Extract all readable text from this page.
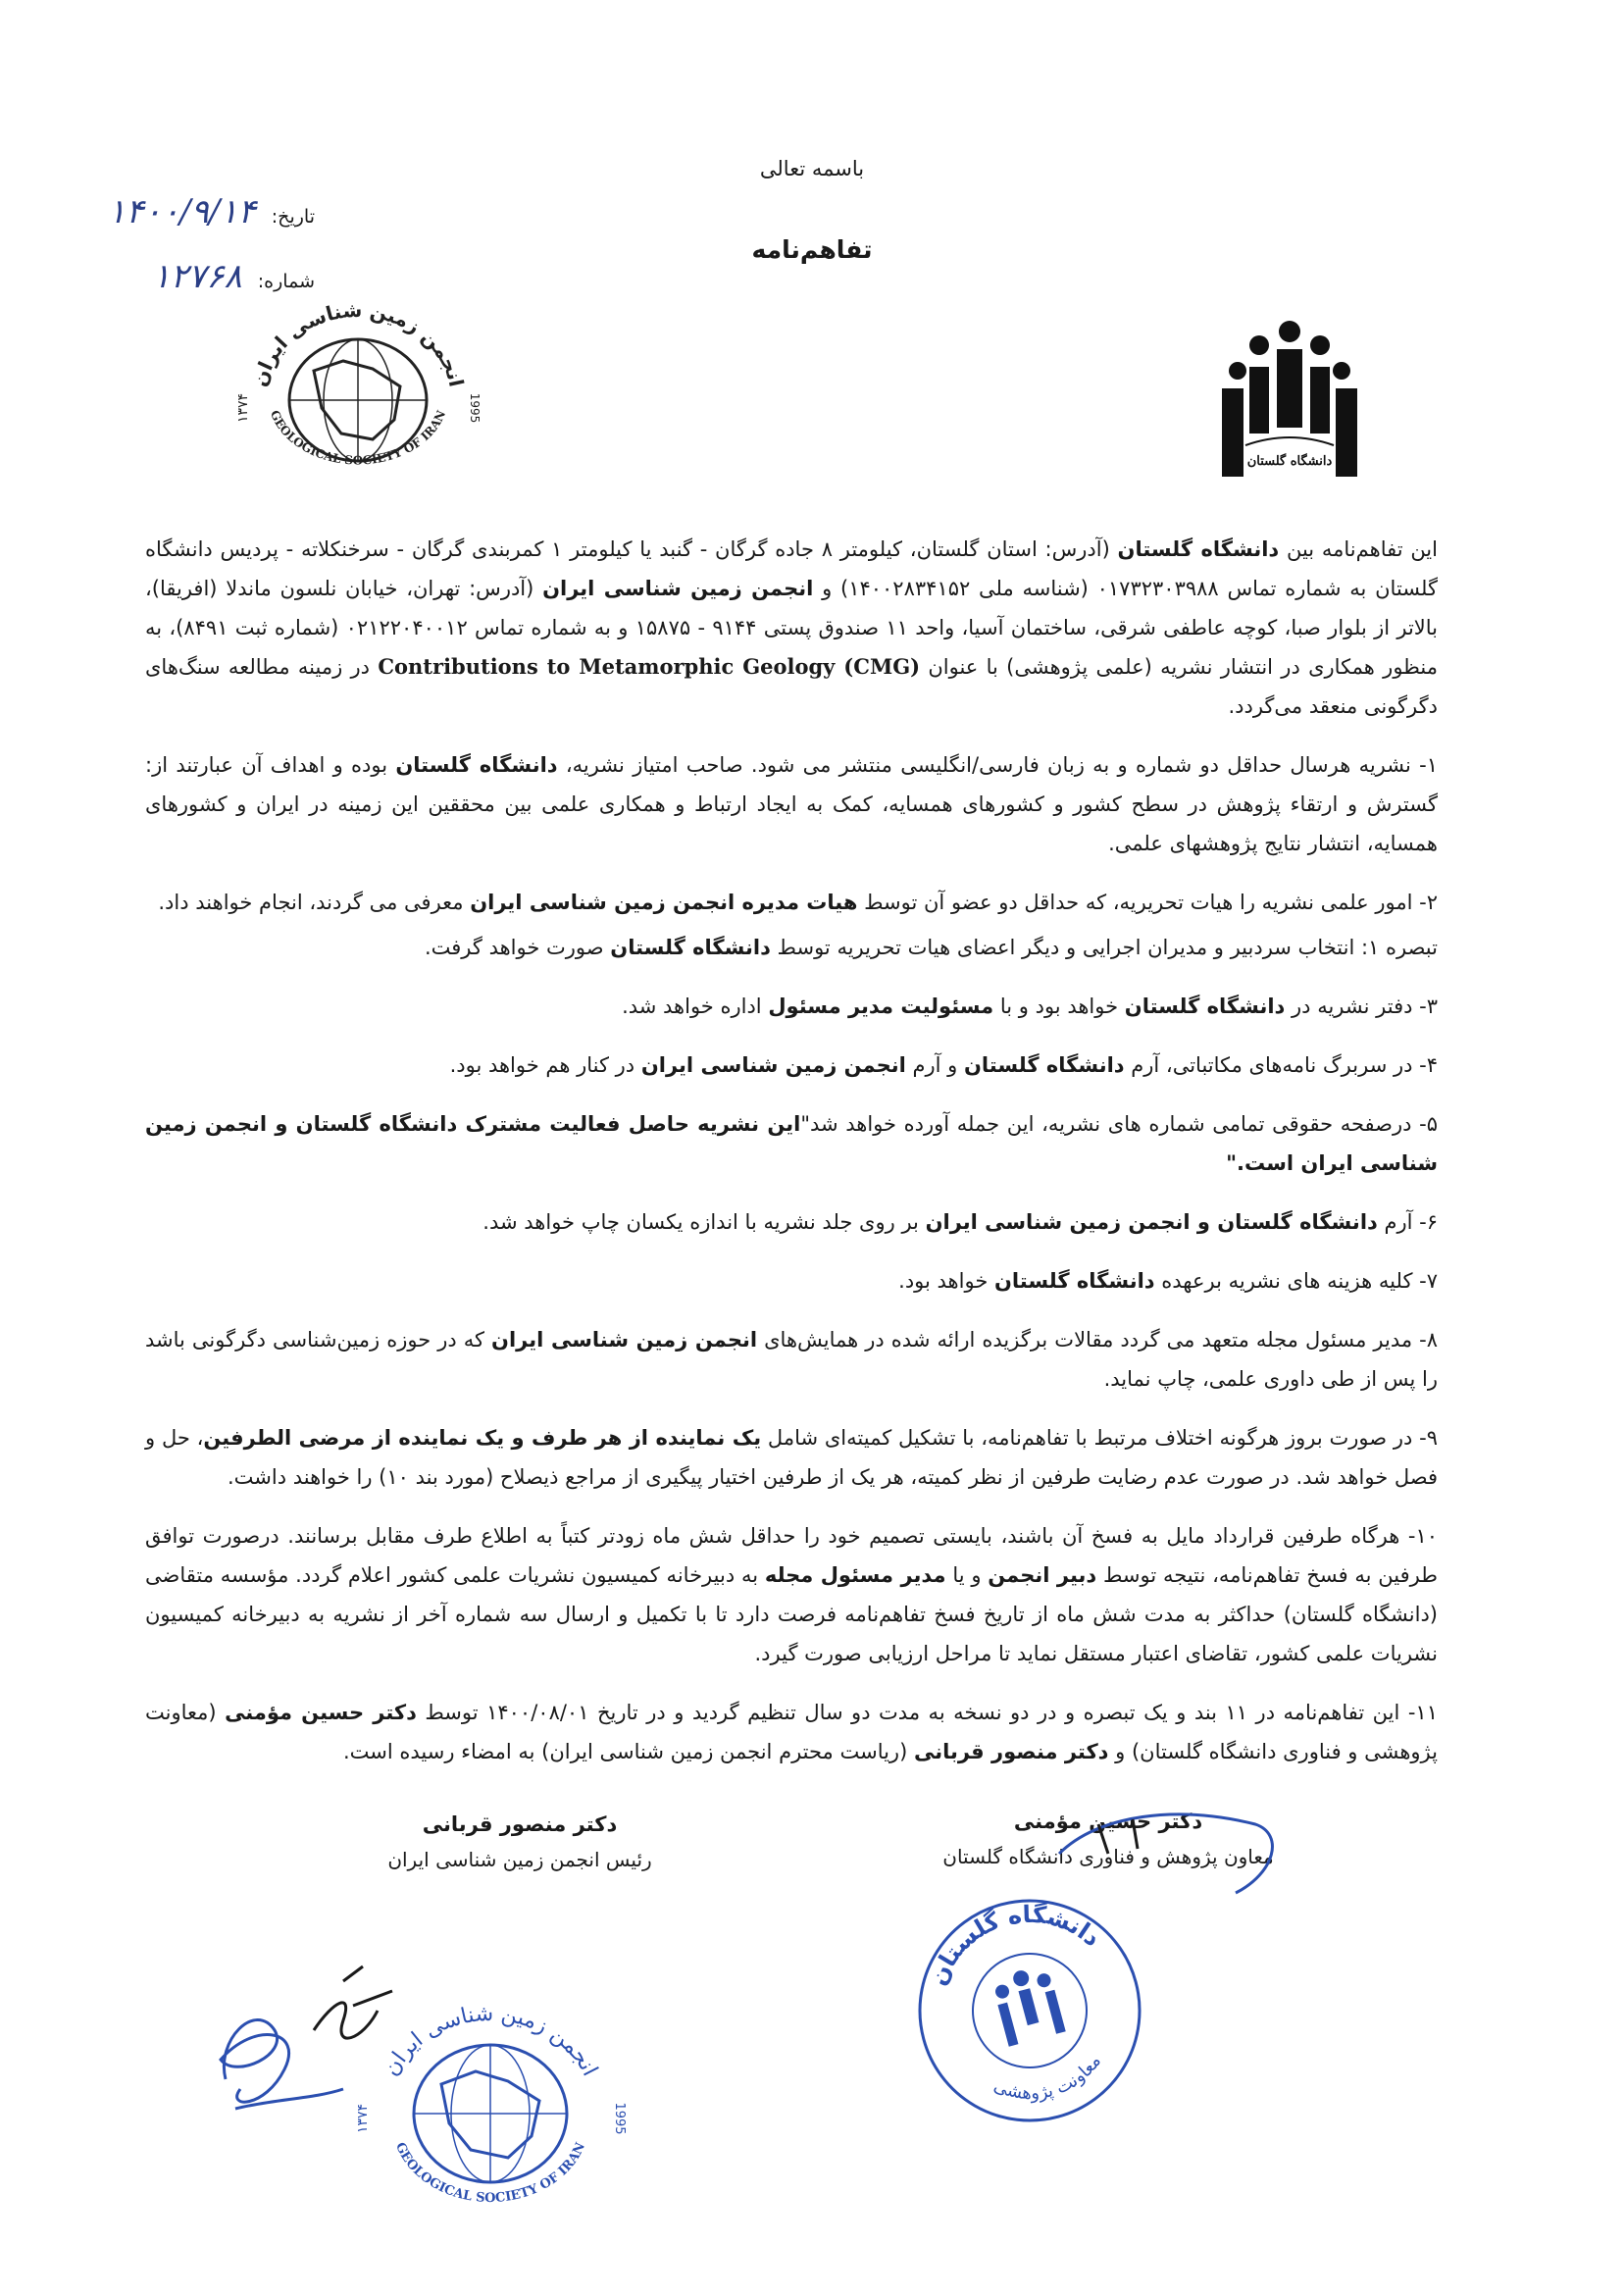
باسمه تعالی
تفاهم‌نامه
تاریخ: ۱۴۰۰/۹/۱۴
شماره: ۱۲۷۶۸
انجمن زمین شناسی ایران
GEOLOGICAL SOCIETY OF IRAN
۱۳۷۴	1995
دانشگاه گلستان

این تفاهم‌نامه بین دانشگاه گلستان (آدرس: استان گلستان، کیلومتر ۸ جاده گرگان - گنبد یا کیلومتر ۱ کمربندی گرگان - سرخنکلاته - پردیس دانشگاه گلستان به شماره تماس ۰۱۷۳۲۳۰۳۹۸۸ (شناسه ملی ۱۴۰۰۲۸۳۴۱۵۲) و انجمن زمین شناسی ایران (آدرس: تهران، خیابان نلسون ماندلا (افریقا)، بالاتر از بلوار صبا، کوچه عاطفی شرقی، ساختمان آسیا، واحد ۱۱ صندوق پستی ۹۱۴۴ - ۱۵۸۷۵ و به شماره تماس ۰۲۱۲۲۰۴۰۰۱۲ (شماره ثبت ۸۴۹۱)، به منظور همکاری در انتشار نشریه (علمی پژوهشی) با عنوان Contributions to Metamorphic Geology (CMG) در زمینه مطالعه سنگ‌های دگرگونی منعقد می‌گردد.

۱- نشریه هرسال حداقل دو شماره و به زبان فارسی/انگلیسی منتشر می شود. صاحب امتیاز نشریه، دانشگاه گلستان بوده و اهداف آن عبارتند از: گسترش و ارتقاء پژوهش در سطح کشور و کشورهای همسایه، کمک به ایجاد ارتباط و همکاری علمی بین محققین این زمینه در ایران و کشورهای همسایه، انتشار نتایج پژوهشهای علمی.

۲- امور علمی نشریه را هیات تحریریه، که حداقل دو عضو آن توسط هیات مدیره انجمن زمین شناسی ایران معرفی می گردند، انجام خواهند داد.

تبصره ۱: انتخاب سردبیر و مدیران اجرایی و دیگر اعضای هیات تحریریه توسط دانشگاه گلستان صورت خواهد گرفت.

۳- دفتر نشریه در دانشگاه گلستان خواهد بود و با مسئولیت مدیر مسئول اداره خواهد شد.

۴- در سربرگ نامه‌های مکاتباتی، آرم دانشگاه گلستان و آرم انجمن زمین شناسی ایران در کنار هم خواهد بود.

۵- درصفحه حقوقی تمامی شماره های نشریه، این جمله آورده خواهد شد"این نشریه حاصل فعالیت مشترک دانشگاه گلستان و انجمن زمین شناسی ایران است."

۶- آرم دانشگاه گلستان و انجمن زمین شناسی ایران بر روی جلد نشریه با اندازه یکسان چاپ خواهد شد.

۷- کلیه هزینه های نشریه برعهده دانشگاه گلستان خواهد بود.

۸- مدیر مسئول مجله متعهد می گردد مقالات برگزیده ارائه شده در همایش‌های انجمن زمین شناسی ایران که در حوزه زمین‌شناسی دگرگونی باشد را پس از طی داوری علمی، چاپ نماید.

۹- در صورت بروز هرگونه اختلاف مرتبط با تفاهم‌نامه، با تشکیل کمیته‌ای شامل یک نماینده از هر طرف و یک نماینده از مرضی الطرفین، حل و فصل خواهد شد. در صورت عدم رضایت طرفین از نظر کمیته، هر یک از طرفین اختیار پیگیری از مراجع ذیصلاح (مورد بند ۱۰) را خواهند داشت.

۱۰- هرگاه طرفین قرارداد مایل به فسخ آن باشند، بایستی تصمیم خود را حداقل شش ماه زودتر کتباً به اطلاع طرف مقابل برسانند. درصورت توافق طرفین به فسخ تفاهم‌نامه، نتیجه توسط دبیر انجمن و یا مدیر مسئول مجله به دبیرخانه کمیسیون نشریات علمی کشور اعلام گردد. مؤسسه متقاضی (دانشگاه گلستان) حداکثر به مدت شش ماه از تاریخ فسخ تفاهم‌نامه فرصت دارد تا با تکمیل و ارسال سه شماره آخر از نشریه به دبیرخانه کمیسیون نشریات علمی کشور، تقاضای اعتبار مستقل نماید تا مراحل ارزیابی صورت گیرد.

۱۱- این تفاهم‌نامه در ۱۱ بند و یک تبصره و در دو نسخه به مدت دو سال تنظیم گردید و در تاریخ ۱۴۰۰/۰۸/۰۱ توسط دکتر حسین مؤمنی (معاونت پژوهشی و فناوری دانشگاه گلستان) و دکتر منصور قربانی (ریاست محترم انجمن زمین شناسی ایران) به امضاء رسیده است.

دکتر حسین مؤمنی
معاون پژوهش و فناوری دانشگاه گلستان
دکتر منصور قربانی
رئیس انجمن زمین شناسی ایران
انجمن زمین شناسی ایران
GEOLOGICAL SOCIETY OF IRAN
۱۳۷۴	1995
دانشگاه گلستان
معاونت پژوهشی
